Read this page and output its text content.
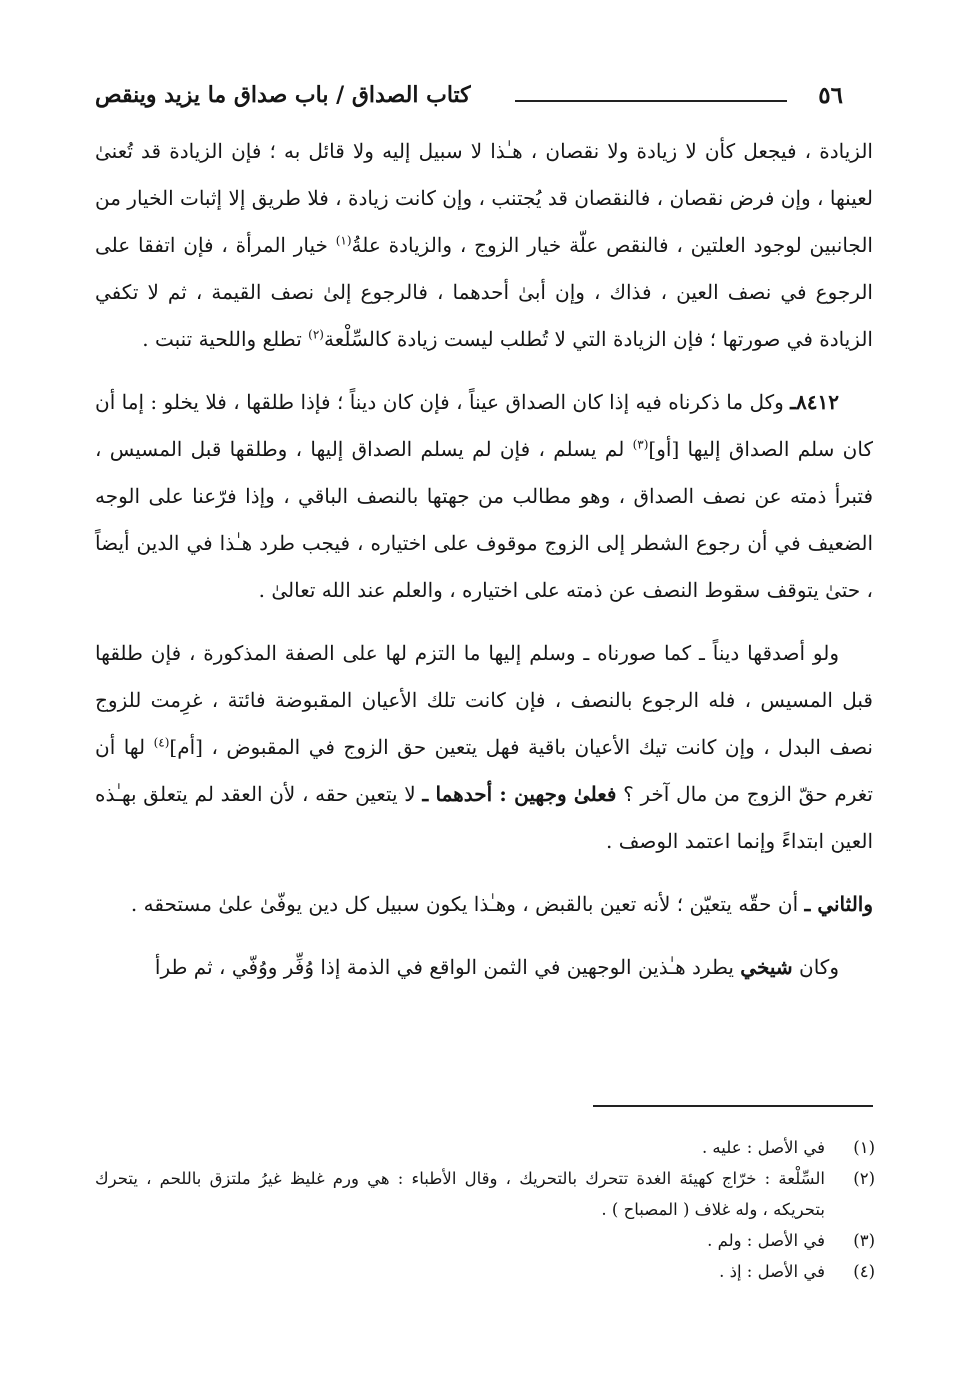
٥٦
كتاب الصداق / باب صداق ما يزيد وينقص

الزيادة ، فيجعل كأن لا زيادة ولا نقصان ، هـٰذا لا سبيل إليه ولا قائل به ؛ فإن الزيادة قد تُعنىٰ لعينها ، وإن فرض نقصان ، فالنقصان قد يُجتنب ، وإن كانت زيادة ، فلا طريق إلا إثبات الخيار من الجانبين لوجود العلتين ، فالنقص علّة خيار الزوج ، والزيادة علةُ$^{(١)}$ خيار المرأة ، فإن اتفقا على الرجوع في نصف العين ، فذاك ، وإن أبىٰ أحدهما ، فالرجوع إلىٰ نصف القيمة ، ثم لا تكفي الزيادة في صورتها ؛ فإن الزيادة التي لا تُطلب ليست زيادة كالسِّلْعة$^{(٢)}$ تطلع واللحية تنبت .

٨٤١٢ـ وكل ما ذكرناه فيه إذا كان الصداق عيناً ، فإن كان ديناً ؛ فإذا طلقها ، فلا يخلو : إما أن كان سلم الصداق إليها [أو]$^{(٣)}$ لم يسلم ، فإن لم يسلم الصداق إليها ، وطلقها قبل المسيس ، فتبرأ ذمته عن نصف الصداق ، وهو مطالب من جهتها بالنصف الباقي ، وإذا فرّعنا على الوجه الضعيف في أن رجوع الشطر إلى الزوج موقوف على اختياره ، فيجب طرد هـٰذا في الدين أيضاً ، حتىٰ يتوقف سقوط النصف عن ذمته على اختياره ، والعلم عند الله تعالىٰ .

ولو أصدقها ديناً ـ كما صورناه ـ وسلم إليها ما التزم لها على الصفة المذكورة ، فإن طلقها قبل المسيس ، فله الرجوع بالنصف ، فإن كانت تلك الأعيان المقبوضة فائتة ، غرِمت للزوج نصف البدل ، وإن كانت تيك الأعيان باقية فهل يتعين حق الزوج في المقبوض ، [أم]$^{(٤)}$ لها أن تغرم حقّ الزوج من مال آخر ؟ فعلىٰ وجهين : أحدهما ـ لا يتعين حقه ، لأن العقد لم يتعلق بهـٰذه العين ابتداءً وإنما اعتمد الوصف .

والثاني ـ أن حقّه يتعيّن ؛ لأنه تعين بالقبض ، وهـٰذا يكون سبيل كل دين يوفّىٰ علىٰ مستحقه .

وكان شيخي يطرد هـٰذين الوجهين في الثمن الواقع في الذمة إذا وُفِّر ووُفّي ، ثم طرأ

(١)
في الأصل : عليه .
(٢)
السِّلْعة : خرّاج كهيئة الغدة تتحرك بالتحريك ، وقال الأطباء : هي ورم غليظ غيرُ ملتزق باللحم ، يتحرك بتحريكه ، وله غلاف ( المصباح ) .
(٣)
في الأصل : ولم .
(٤)
في الأصل : إذ .
